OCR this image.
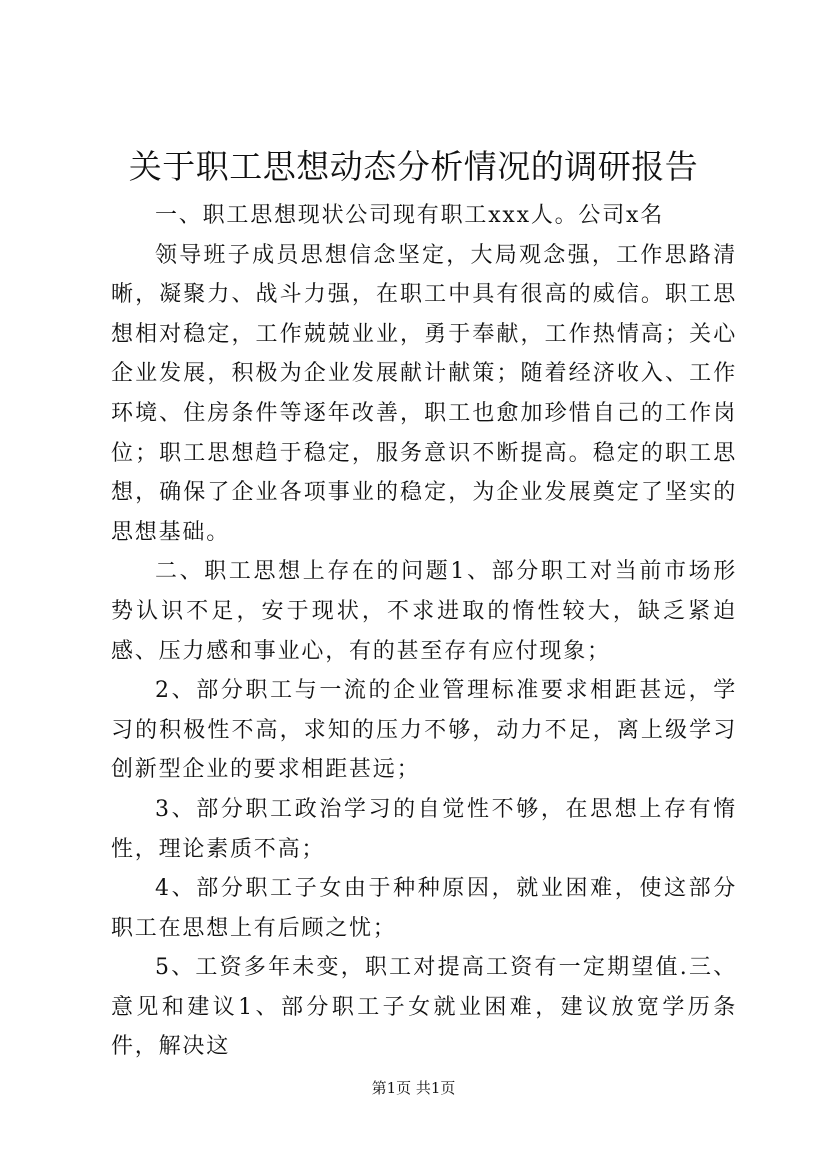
关于职工思想动态分析情况的调研报告

一、职工思想现状公司现有职工xxx人。公司x名

领导班子成员思想信念坚定，大局观念强，工作思路清晰，凝聚力、战斗力强，在职工中具有很高的威信。职工思想相对稳定，工作兢兢业业，勇于奉献，工作热情高；关心企业发展，积极为企业发展献计献策；随着经济收入、工作环境、住房条件等逐年改善，职工也愈加珍惜自己的工作岗位；职工思想趋于稳定，服务意识不断提高。稳定的职工思想，确保了企业各项事业的稳定，为企业发展奠定了坚实的思想基础。

二、职工思想上存在的问题1、部分职工对当前市场形势认识不足，安于现状，不求进取的惰性较大，缺乏紧迫感、压力感和事业心，有的甚至存有应付现象；

2、部分职工与一流的企业管理标准要求相距甚远，学习的积极性不高，求知的压力不够，动力不足，离上级学习创新型企业的要求相距甚远；

3、部分职工政治学习的自觉性不够，在思想上存有惰性，理论素质不高；

4、部分职工子女由于种种原因，就业困难，使这部分职工在思想上有后顾之忧；

5、工资多年未变，职工对提高工资有一定期望值.三、意见和建议1、部分职工子女就业困难，建议放宽学历条件，解决这

第1页 共1页
